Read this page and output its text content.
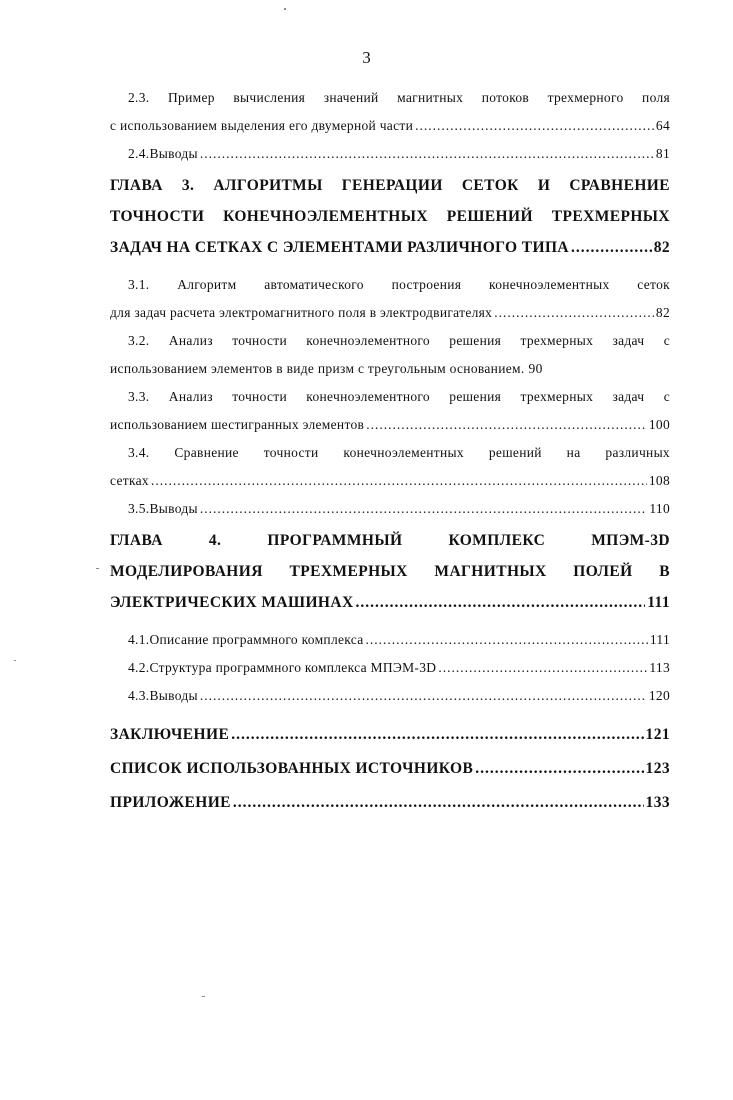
3
2.3. Пример вычисления значений магнитных потоков трехмерного поля
с использованием выделения его двумерной части .....	64
2.4. Выводы .....	81
ГЛАВА 3. АЛГОРИТМЫ ГЕНЕРАЦИИ СЕТОК И СРАВНЕНИЕ
ТОЧНОСТИ КОНЕЧНОЭЛЕМЕНТНЫХ РЕШЕНИЙ ТРЕХМЕРНЫХ
ЗАДАЧ НА СЕТКАХ С ЭЛЕМЕНТАМИ РАЗЛИЧНОГО ТИПА .....	82
3.1. Алгоритм автоматического построения конечноэлементных сеток
для задач расчета электромагнитного поля в электродвигателях .....	82
3.2. Анализ точности конечноэлементного решения трехмерных задач с
использованием элементов в виде призм с треугольным основанием. 90
3.3. Анализ точности конечноэлементного решения трехмерных задач с
использованием шестигранных элементов .....	100
3.4. Сравнение точности конечноэлементных решений на различных
сетках .....	108
3.5. Выводы .....	110
ГЛАВА 4. ПРОГРАММНЫЙ КОМПЛЕКС МПЭМ-3D
МОДЕЛИРОВАНИЯ ТРЕХМЕРНЫХ МАГНИТНЫХ ПОЛЕЙ В
ЭЛЕКТРИЧЕСКИХ МАШИНАХ .....	111
4.1. Описание программного комплекса .....	111
4.2. Структура программного комплекса МПЭМ-3D .....	113
4.3. Выводы .....	120
ЗАКЛЮЧЕНИЕ .....	121
СПИСОК ИСПОЛЬЗОВАННЫХ ИСТОЧНИКОВ .....	123
ПРИЛОЖЕНИЕ .....	133
